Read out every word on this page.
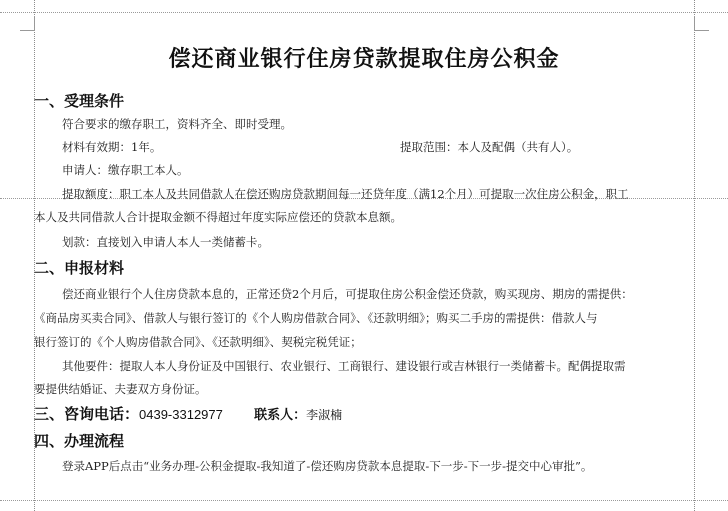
偿还商业银行住房贷款提取住房公积金
一、受理条件
符合要求的缴存职工，资料齐全、即时受理。
材料有效期：1年。	提取范围：本人及配偶（共有人）。
申请人：缴存职工本人。
提取额度：职工本人及共同借款人在偿还购房贷款期间每一还贷年度（满12个月）可提取一次住房公积金，职工
本人及共同借款人合计提取金额不得超过年度实际应偿还的贷款本息额。
划款：直接划入申请人本人一类储蓄卡。
二、申报材料
偿还商业银行个人住房贷款本息的，正常还贷2个月后，可提取住房公积金偿还贷款，购买现房、期房的需提供：
《商品房买卖合同》、借款人与银行签订的《个人购房借款合同》、《还款明细》；购买二手房的需提供：借款人与
银行签订的《个人购房借款合同》、《还款明细》、契税完税凭证；
其他要件：提取人本人身份证及中国银行、农业银行、工商银行、建设银行或吉林银行一类储蓄卡。配偶提取需
要提供结婚证、夫妻双方身份证。
三、咨询电话：0439-3312977 联系人：李淑楠
四、办理流程
登录APP后点击“业务办理-公积金提取-我知道了-偿还购房贷款本息提取-下一步-下一步-提交中心审批”。
